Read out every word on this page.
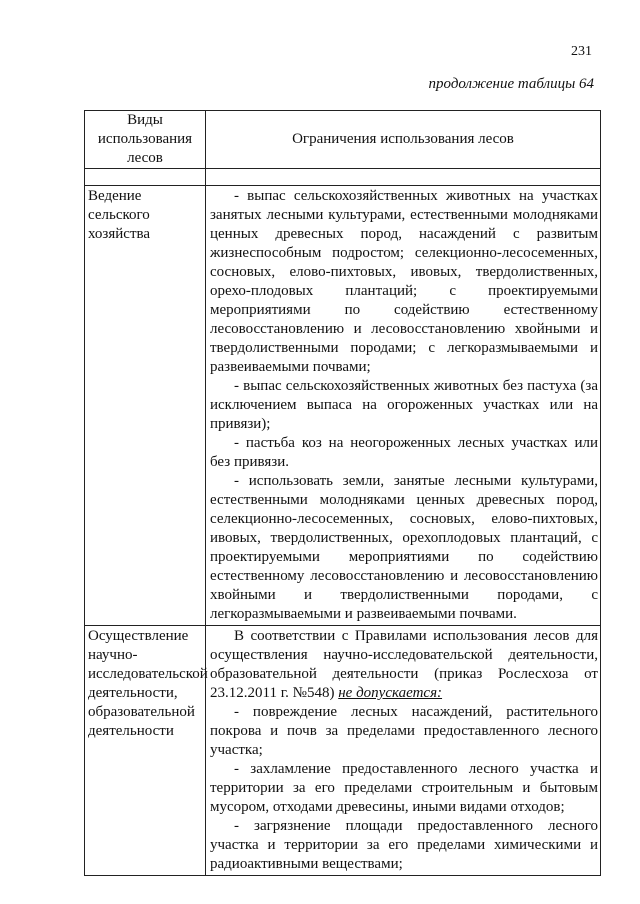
231
продолжение таблицы 64
Виды использования лесов	Ограничения использования лесов

Ведение сельского хозяйства	- выпас сельскохозяйственных животных на участках занятых лесными культурами, естественными молодняками ценных древесных пород, насаждений с развитым жизнеспособным подростом; селекционно-лесосеменных, сосновых, елово-пихтовых, ивовых, твердолиственных, орехо-плодовых плантаций; с проектируемыми мероприятиями по содействию естественному лесовосстановлению и лесовосстановлению хвойными и твердолиственными породами; с легкоразмываемыми и развеиваемыми почвами;

- выпас сельскохозяйственных животных без пастуха (за исключением выпаса на огороженных участках или на привязи);

- пастьба коз на неогороженных лесных участках или без привязи.

- использовать земли, занятые лесными культурами, естественными молодняками ценных древесных пород, селекционно-лесосеменных, сосновых, елово-пихтовых, ивовых, твердолиственных, орехоплодовых плантаций, с проектируемыми мероприятиями по содействию естественному лесовосстановлению и лесовосстановлению хвойными и твердолиственными породами, с легкоразмываемыми и развеиваемыми почвами.

Осуществление научно-исследовательской деятельности, образовательной деятельности	В соответствии с Правилами использования лесов для осуществления научно-исследовательской деятельности, образовательной деятельности (приказ Рослесхоза от 23.12.2011 г. №548) не допускается:

- повреждение лесных насаждений, растительного покрова и почв за пределами предоставленного лесного участка;

- захламление предоставленного лесного участка и территории за его пределами строительным и бытовым мусором, отходами древесины, иными видами отходов;

- загрязнение площади предоставленного лесного участка и территории за его пределами химическими и радиоактивными веществами;
